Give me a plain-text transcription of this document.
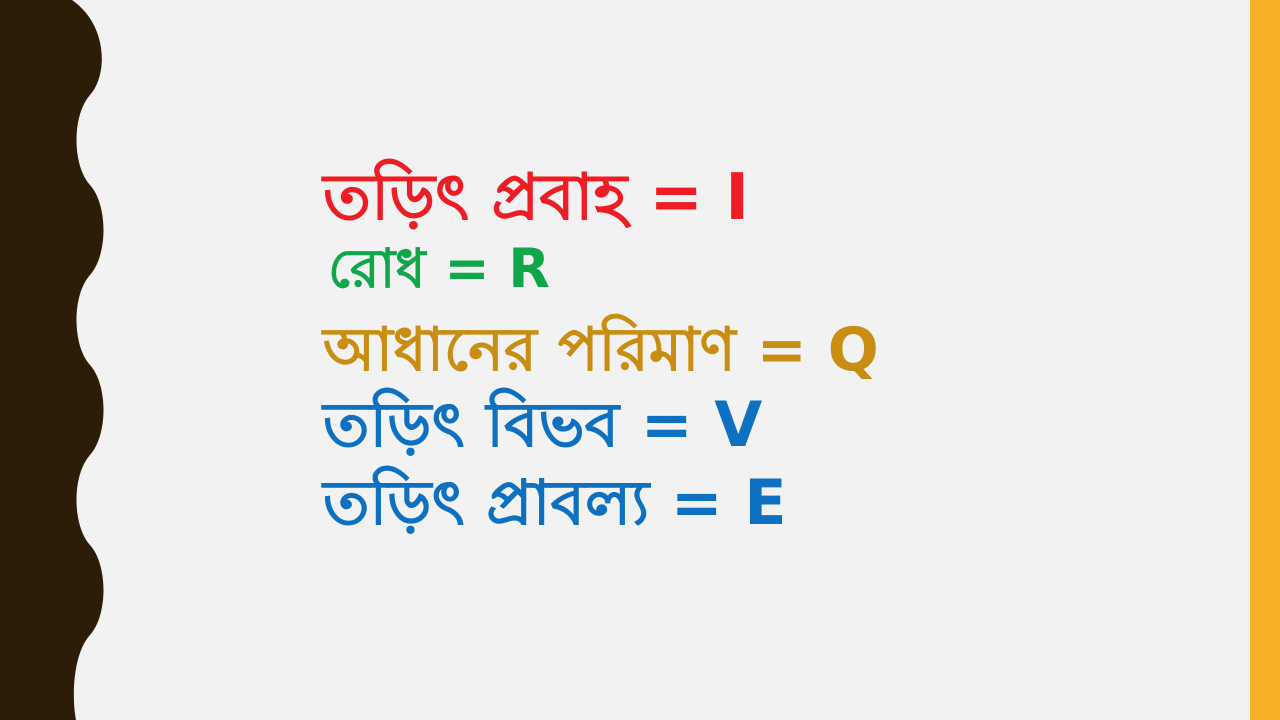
তড়িৎ প্রবাহ = I
রোধ = R
আধানের পরিমাণ = Q
তড়িৎ বিভব = V
তড়িৎ প্রাবল্য = E
